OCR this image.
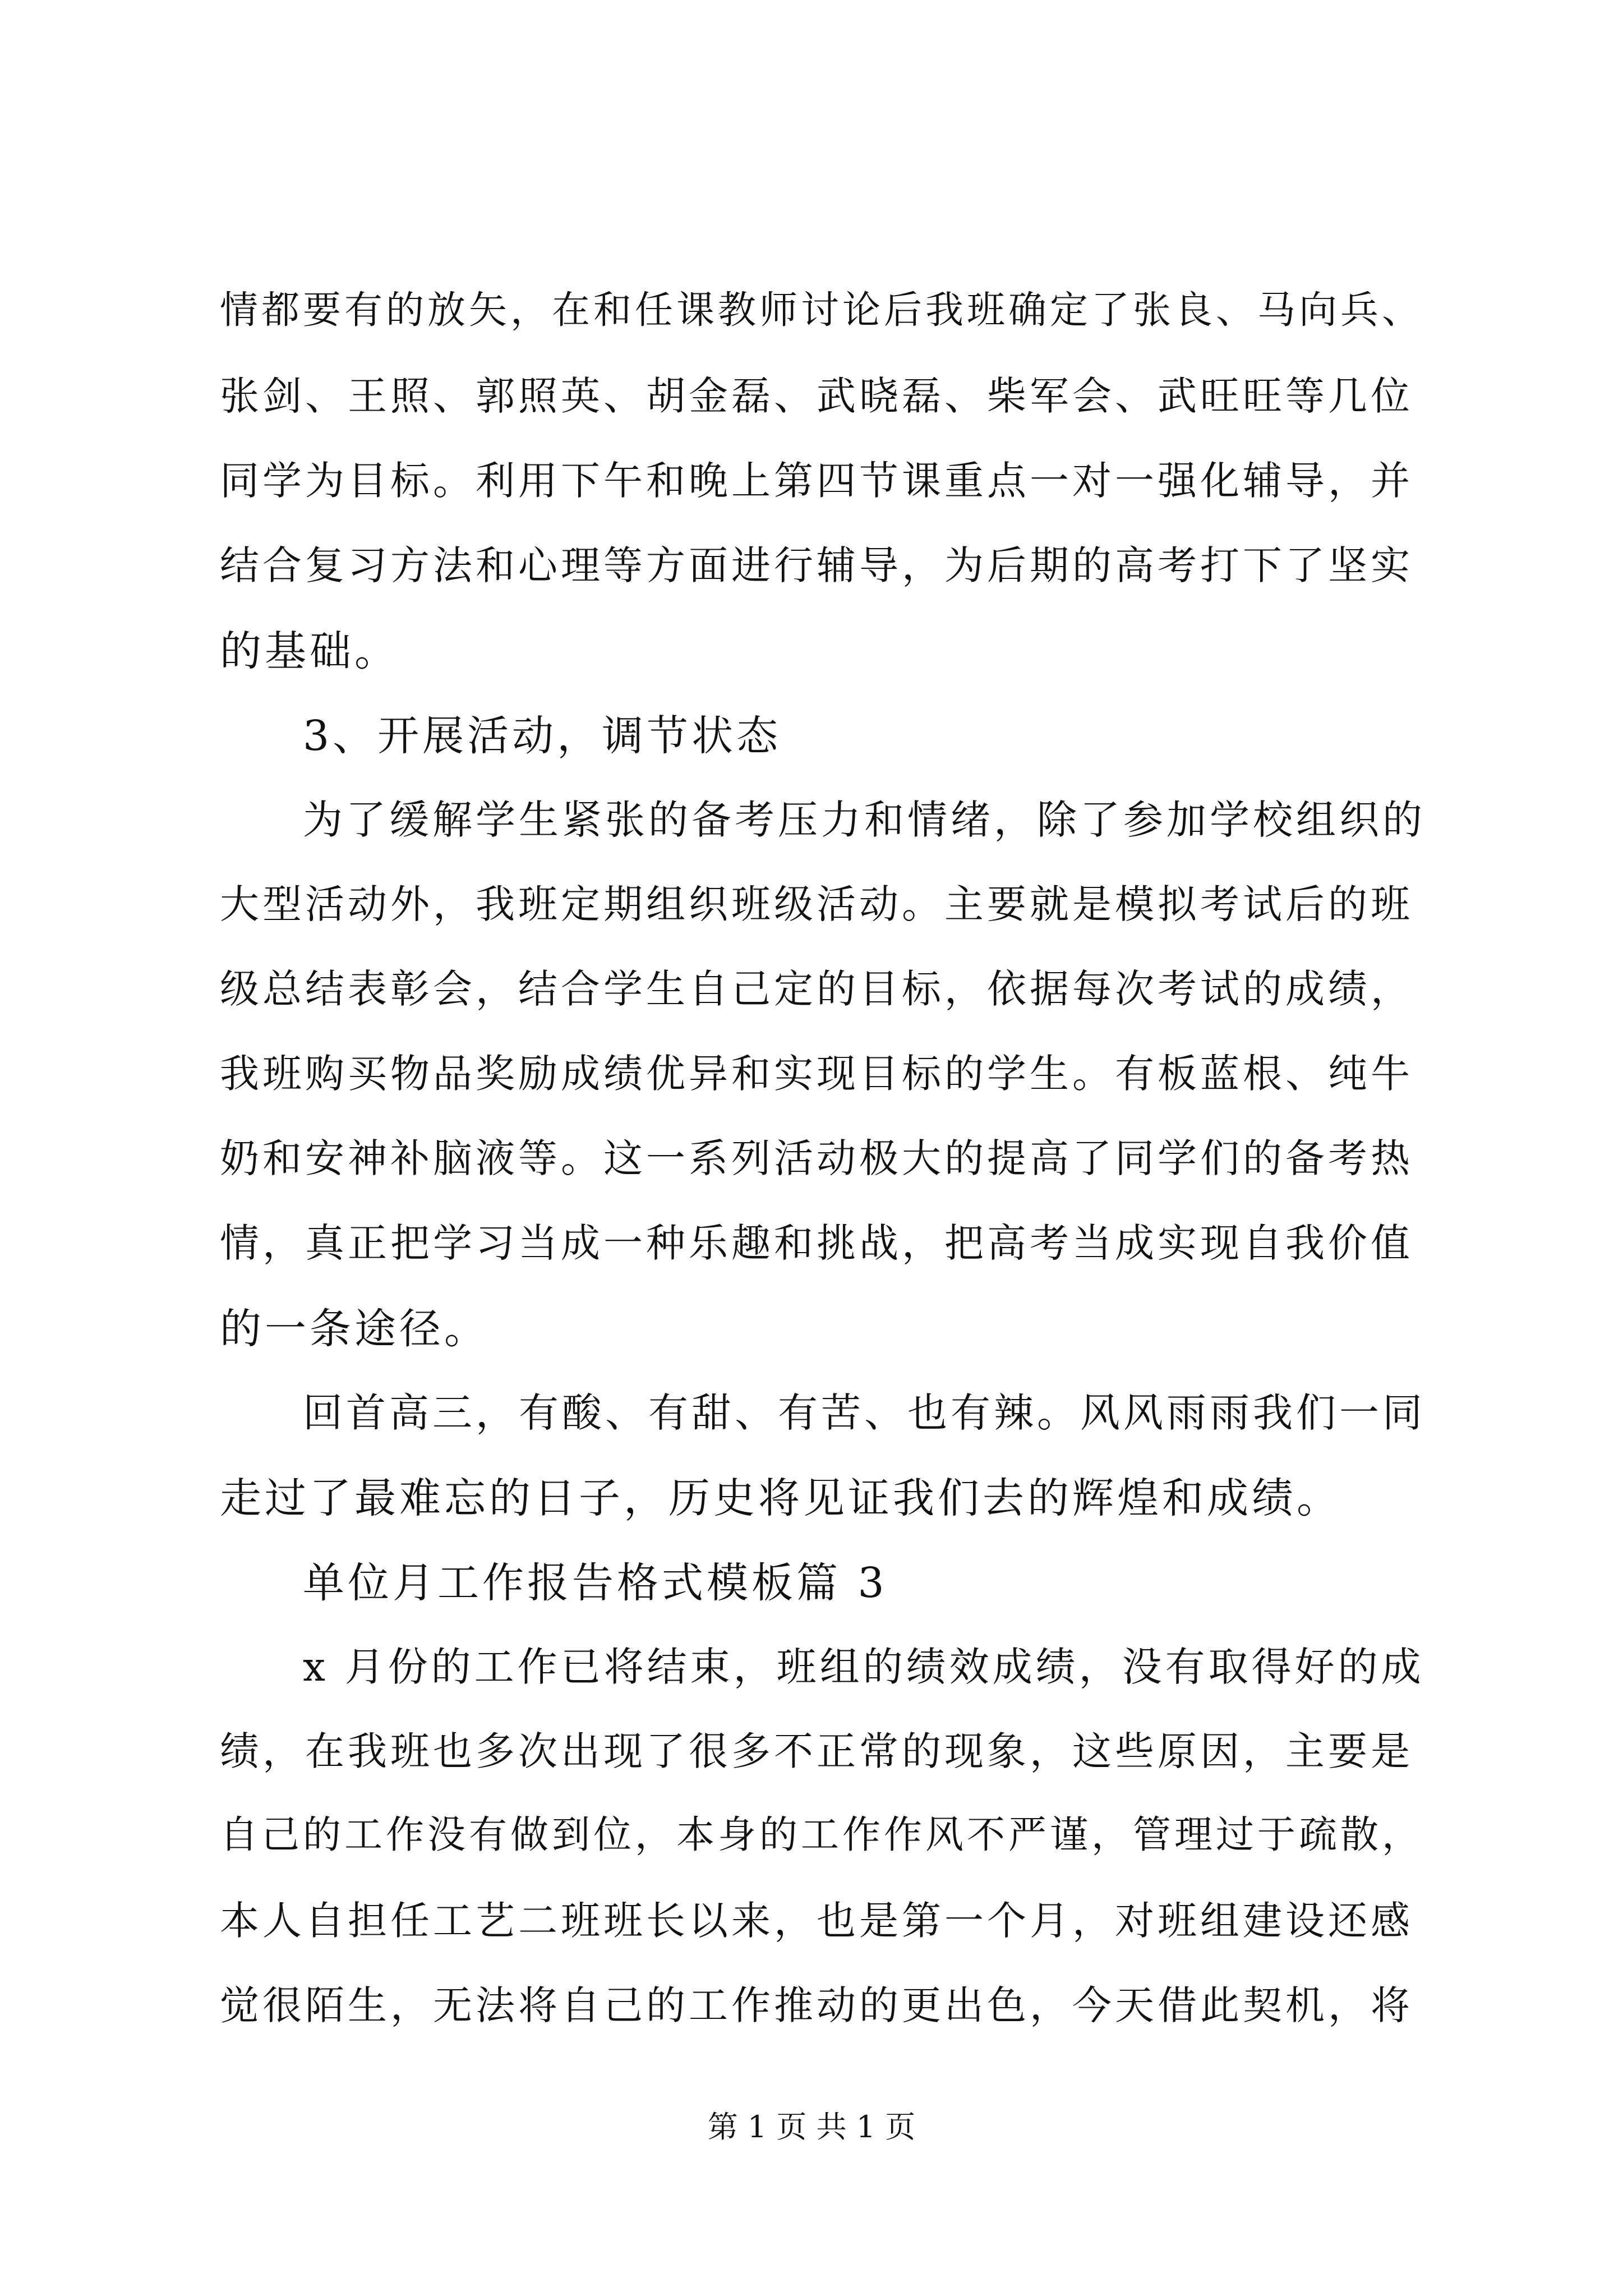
情都要有的放矢，在和任课教师讨论后我班确定了张良、马向兵、
张剑、王照、郭照英、胡金磊、武晓磊、柴军会、武旺旺等几位
同学为目标。利用下午和晚上第四节课重点一对一强化辅导，并
结合复习方法和心理等方面进行辅导，为后期的高考打下了坚实
的基础。
3、开展活动，调节状态
为了缓解学生紧张的备考压力和情绪，除了参加学校组织的
大型活动外，我班定期组织班级活动。主要就是模拟考试后的班
级总结表彰会，结合学生自己定的目标，依据每次考试的成绩，
我班购买物品奖励成绩优异和实现目标的学生。有板蓝根、纯牛
奶和安神补脑液等。这一系列活动极大的提高了同学们的备考热
情，真正把学习当成一种乐趣和挑战，把高考当成实现自我价值
的一条途径。
回首高三，有酸、有甜、有苦、也有辣。风风雨雨我们一同
走过了最难忘的日子，历史将见证我们去的辉煌和成绩。
单位月工作报告格式模板篇 3
x 月份的工作已将结束，班组的绩效成绩，没有取得好的成
绩，在我班也多次出现了很多不正常的现象，这些原因，主要是
自己的工作没有做到位，本身的工作作风不严谨，管理过于疏散，
本人自担任工艺二班班长以来，也是第一个月，对班组建设还感
觉很陌生，无法将自己的工作推动的更出色，今天借此契机，将
第 1 页 共 1 页
